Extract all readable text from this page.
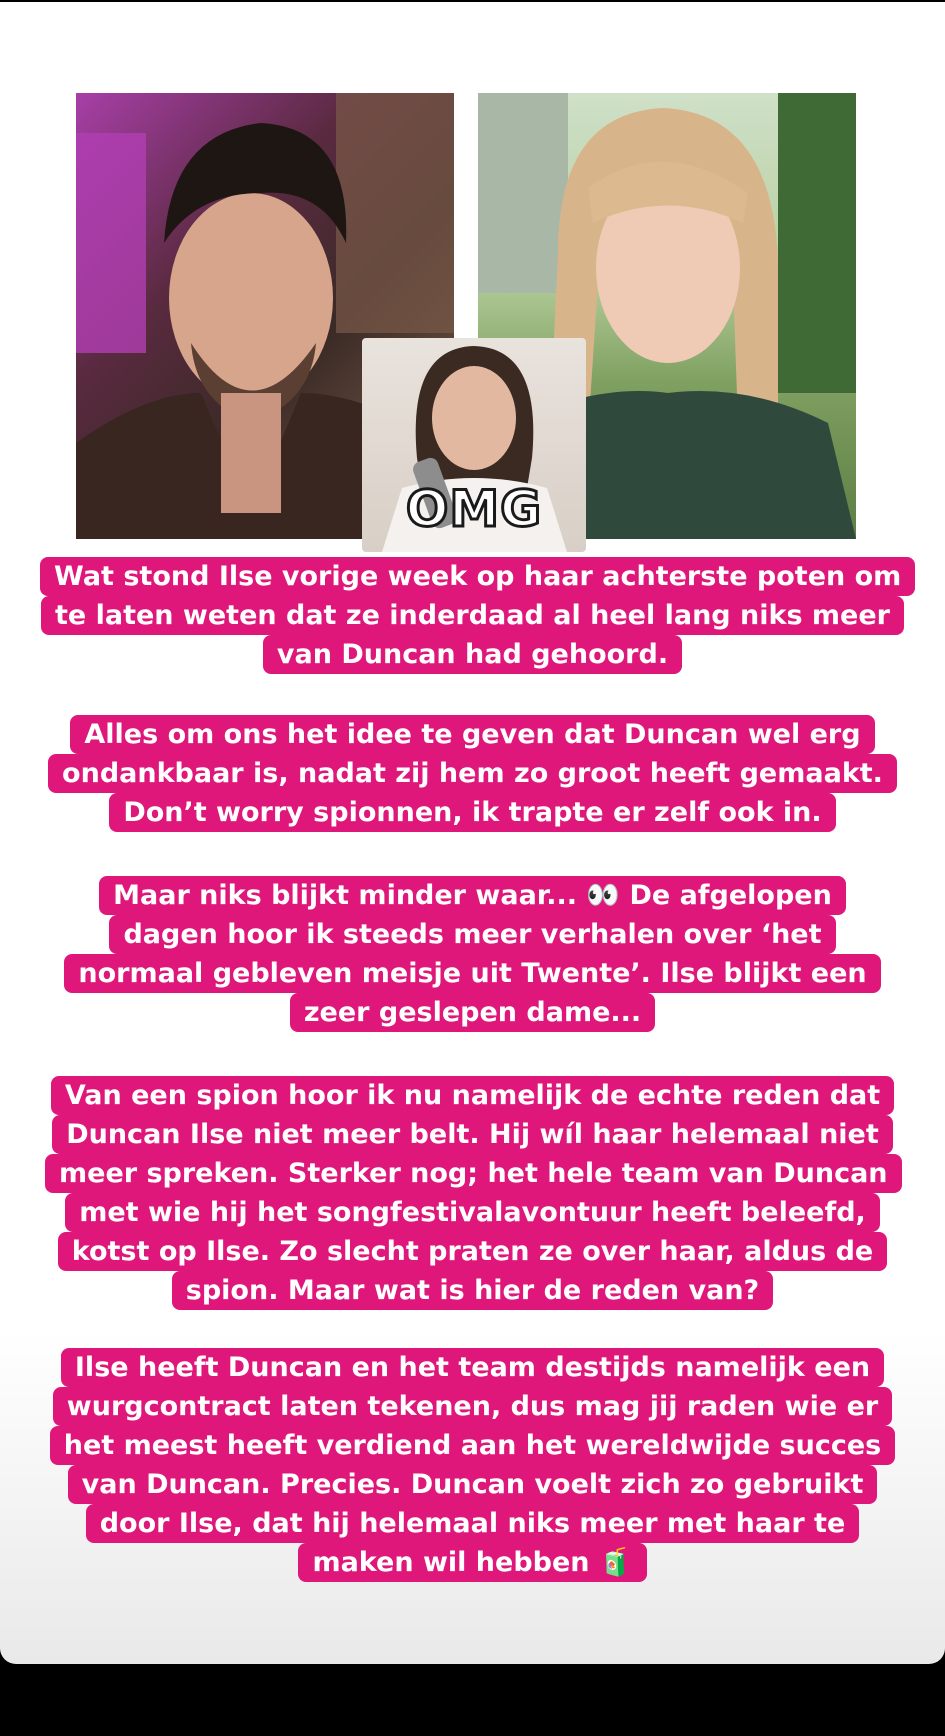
OMG
Wat stond Ilse vorige week op haar achterste poten om te laten weten dat ze inderdaad al heel lang niks meer van Duncan had gehoord.
Alles om ons het idee te geven dat Duncan wel erg ondankbaar is, nadat zij hem zo groot heeft gemaakt. Don’t worry spionnen, ik trapte er zelf ook in.
Maar niks blijkt minder waar... 👀 De afgelopen dagen hoor ik steeds meer verhalen over ‘het normaal gebleven meisje uit Twente’. Ilse blijkt een zeer geslepen dame...
Van een spion hoor ik nu namelijk de echte reden dat Duncan Ilse niet meer belt. Hij wíl haar helemaal niet meer spreken. Sterker nog; het hele team van Duncan met wie hij het songfestivalavontuur heeft beleefd, kotst op Ilse. Zo slecht praten ze over haar, aldus de spion. Maar wat is hier de reden van?
Ilse heeft Duncan en het team destijds namelijk een wurgcontract laten tekenen, dus mag jij raden wie er het meest heeft verdiend aan het wereldwijde succes van Duncan. Precies. Duncan voelt zich zo gebruikt door Ilse, dat hij helemaal niks meer met haar te maken wil hebben 🧃
